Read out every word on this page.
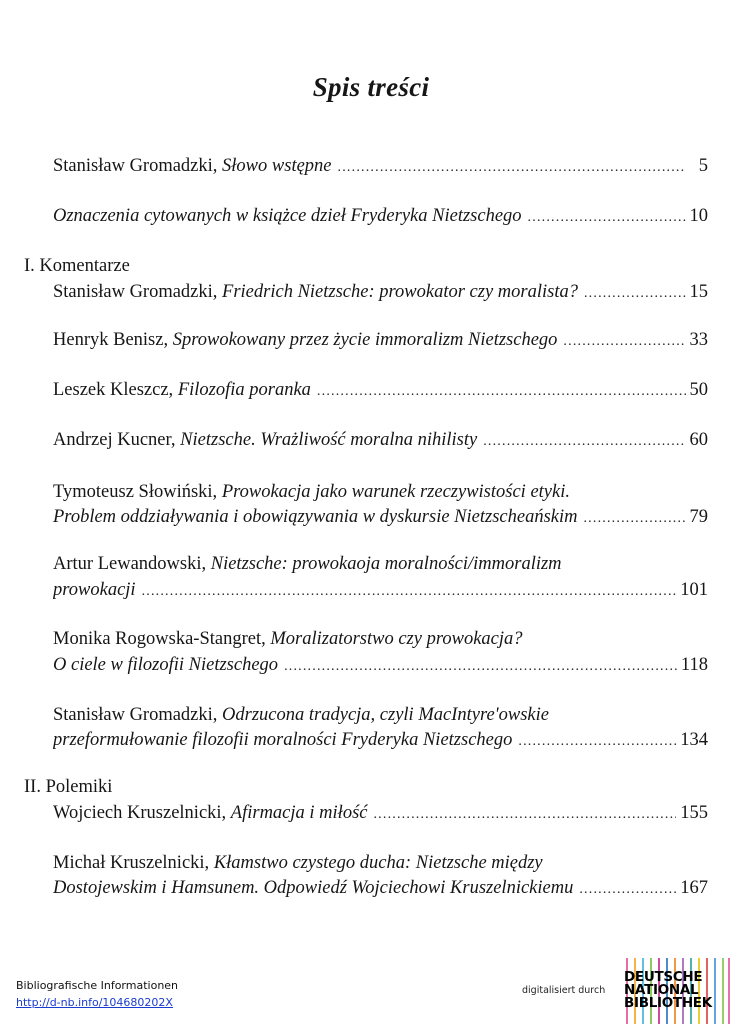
Spis treści
Stanisław Gromadzki, Słowo wstępne .....	5
Oznaczenia cytowanych w książce dzieł Fryderyka Nietzschego .....	10
I. Komentarze
Stanisław Gromadzki, Friedrich Nietzsche: prowokator czy moralista? .....	15
Henryk Benisz, Sprowokowany przez życie immoralizm Nietzschego .....	33
Leszek Kleszcz, Filozofia poranka .....	50
Andrzej Kucner, Nietzsche. Wrażliwość moralna nihilisty .....	60
Tymoteusz Słowiński, Prowokacja jako warunek rzeczywistości etyki.
Problem oddziaływania i obowiązywania w dyskursie Nietzscheańskim .....	79
Artur Lewandowski, Nietzsche: prowokaoja moralności/immoralizm
prowokacji .....	101
Monika Rogowska-Stangret, Moralizatorstwo czy prowokacja?
O ciele w filozofii Nietzschego .....	118
Stanisław Gromadzki, Odrzucona tradycja, czyli MacIntyre'owskie
przeformułowanie filozofii moralności Fryderyka Nietzschego .....	134
II. Polemiki
Wojciech Kruszelnicki, Afirmacja i miłość .....	155
Michał Kruszelnicki, Kłamstwo czystego ducha: Nietzsche między
Dostojewskim i Hamsunem. Odpowiedź Wojciechowi Kruszelnickiemu .....	167
Bibliografische Informationen
http://d-nb.info/104680202X
digitalisiert durch
DEUTSCHE
NATIONAL
BIBLIOTHEK
